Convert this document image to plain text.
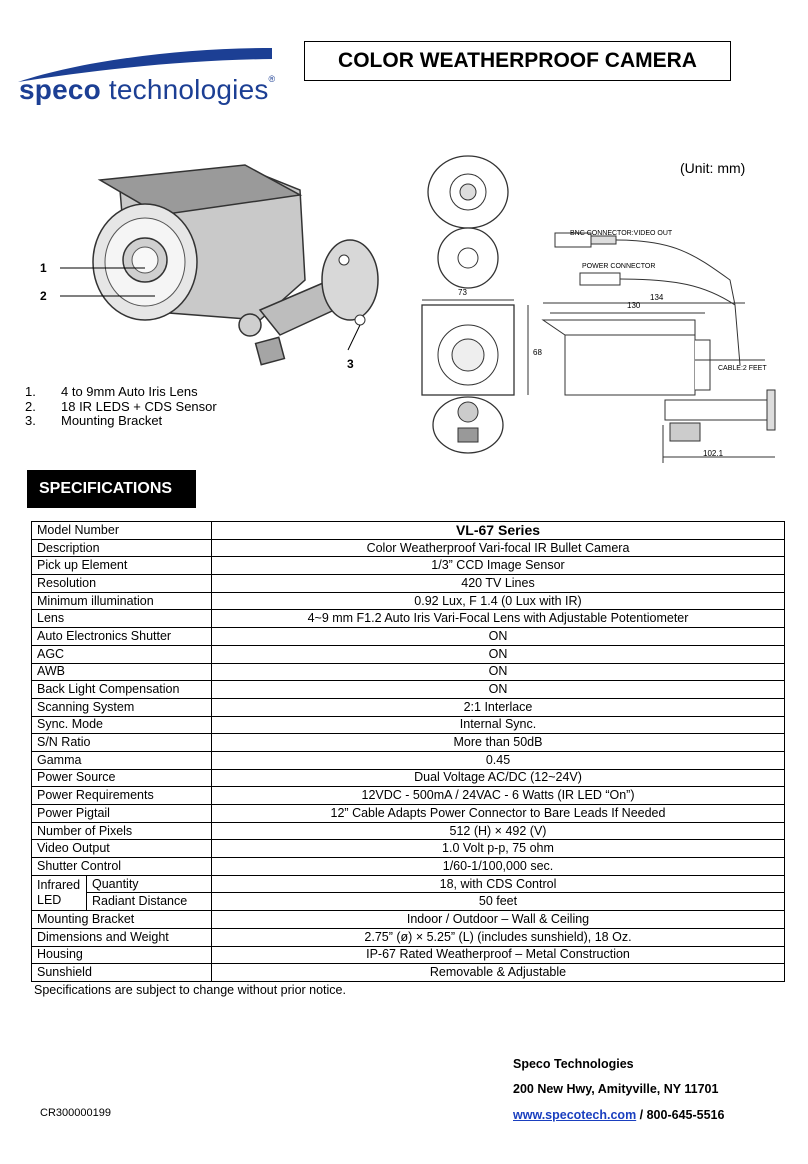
speco technologies®
COLOR WEATHERPROOF CAMERA
1
2
3
73
68
BNC CONNECTOR:VIDEO OUT
POWER CONNECTOR
134
130
CABLE:2 FEET
102.1
(Unit: mm)
1.	4 to 9mm Auto Iris Lens
2.	18 IR LEDS + CDS Sensor
3.	Mounting Bracket
SPECIFICATIONS
Model Number		VL-67 Series
Description		Color Weatherproof Vari-focal IR Bullet Camera
Pick up Element		1/3” CCD Image Sensor
Resolution		420 TV Lines
Minimum illumination		0.92 Lux, F 1.4 (0 Lux with IR)
Lens		4~9 mm F1.2 Auto Iris Vari-Focal Lens with Adjustable Potentiometer
Auto Electronics Shutter		ON
AGC		ON
AWB		ON
Back Light Compensation		ON
Scanning System		2:1 Interlace
Sync. Mode		Internal Sync.
S/N Ratio		More than 50dB
Gamma		0.45
Power Source		Dual Voltage AC/DC (12~24V)
Power Requirements		12VDC - 500mA / 24VAC - 6 Watts (IR LED “On”)
Power Pigtail		12” Cable Adapts Power Connector to Bare Leads If Needed
Number of Pixels		512 (H) × 492 (V)
Video Output		1.0 Volt p-p, 75 ohm
Shutter Control		1/60-1/100,000 sec.
Infrared LED	Quantity	18, with CDS Control
	Radiant Distance	50 feet
Mounting Bracket		Indoor / Outdoor – Wall & Ceiling
Dimensions and Weight		2.75” (ø) × 5.25” (L) (includes sunshield), 18 Oz.
Housing		IP-67 Rated Weatherproof – Metal Construction
Sunshield		Removable & Adjustable
Specifications are subject to change without prior notice.
Speco Technologies
200 New Hwy, Amityville, NY 11701
www.specotech.com / 800-645-5516
CR300000199
